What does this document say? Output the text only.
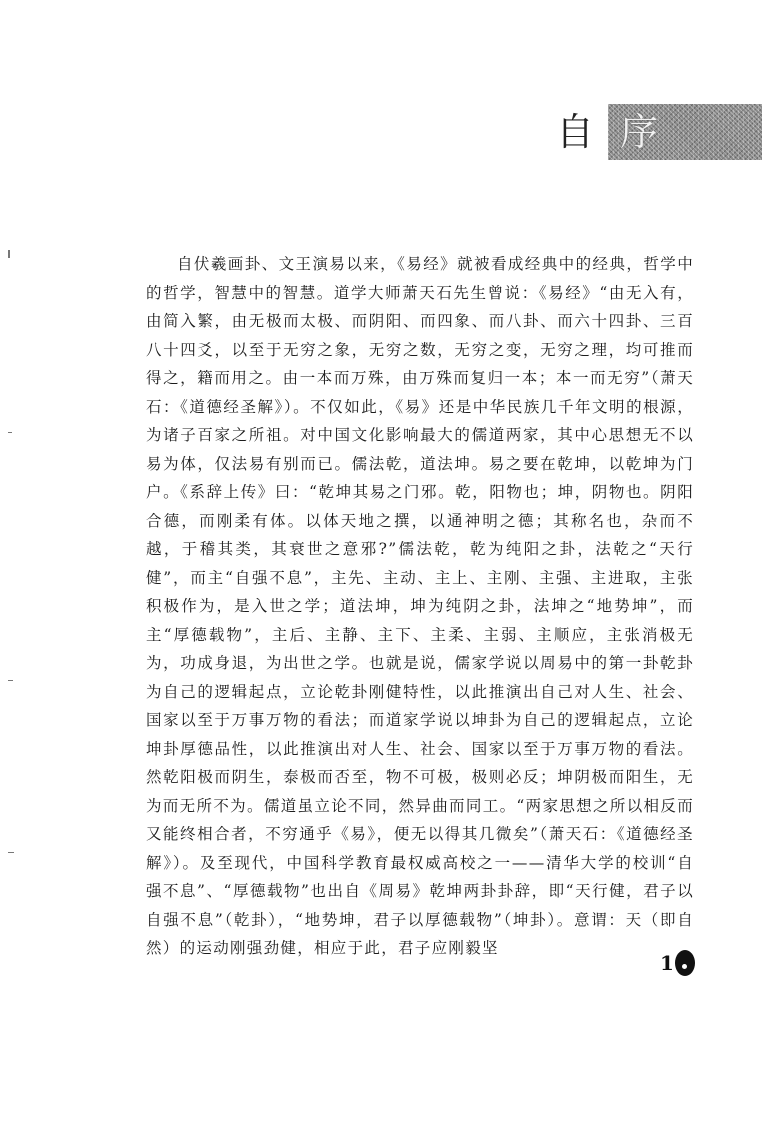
自 序

自伏羲画卦、文王演易以来，《易经》就被看成经典中的经典，哲学中的哲学，智慧中的智慧。道学大师萧天石先生曾说：《易经》“由无入有，由简入繁，由无极而太极、而阴阳、而四象、而八卦、而六十四卦、三百八十四爻，以至于无穷之象，无穷之数，无穷之变，无穷之理，均可推而得之，籍而用之。由一本而万殊，由万殊而复归一本；本一而无穷”（萧天石：《道德经圣解》）。不仅如此，《易》还是中华民族几千年文明的根源，为诸子百家之所祖。对中国文化影响最大的儒道两家，其中心思想无不以易为体，仅法易有别而已。儒法乾，道法坤。易之要在乾坤，以乾坤为门户。《系辞上传》曰：“乾坤其易之门邪。乾，阳物也；坤，阴物也。阴阳合德，而刚柔有体。以体天地之撰，以通神明之德；其称名也，杂而不越，于稽其类，其衰世之意邪?”儒法乾，乾为纯阳之卦，法乾之“天行健”，而主“自强不息”，主先、主动、主上、主刚、主强、主进取，主张积极作为，是入世之学；道法坤，坤为纯阴之卦，法坤之“地势坤”，而主“厚德载物”，主后、主静、主下、主柔、主弱、主顺应，主张消极无为，功成身退，为出世之学。也就是说，儒家学说以周易中的第一卦乾卦为自己的逻辑起点，立论乾卦刚健特性，以此推演出自己对人生、社会、国家以至于万事万物的看法；而道家学说以坤卦为自己的逻辑起点，立论坤卦厚德品性，以此推演出对人生、社会、国家以至于万事万物的看法。然乾阳极而阴生，泰极而否至，物不可极，极则必反；坤阴极而阳生，无为而无所不为。儒道虽立论不同，然异曲而同工。“两家思想之所以相反而又能终相合者，不穷通乎《易》，便无以得其几微矣”（萧天石：《道德经圣解》）。及至现代，中国科学教育最权威高校之一——清华大学的校训“自强不息”、“厚德载物”也出自《周易》乾坤两卦卦辞，即“天行健，君子以自强不息”（乾卦），“地势坤，君子以厚德载物”（坤卦）。意谓：天（即自然）的运动刚强劲健，相应于此，君子应刚毅坚

1
